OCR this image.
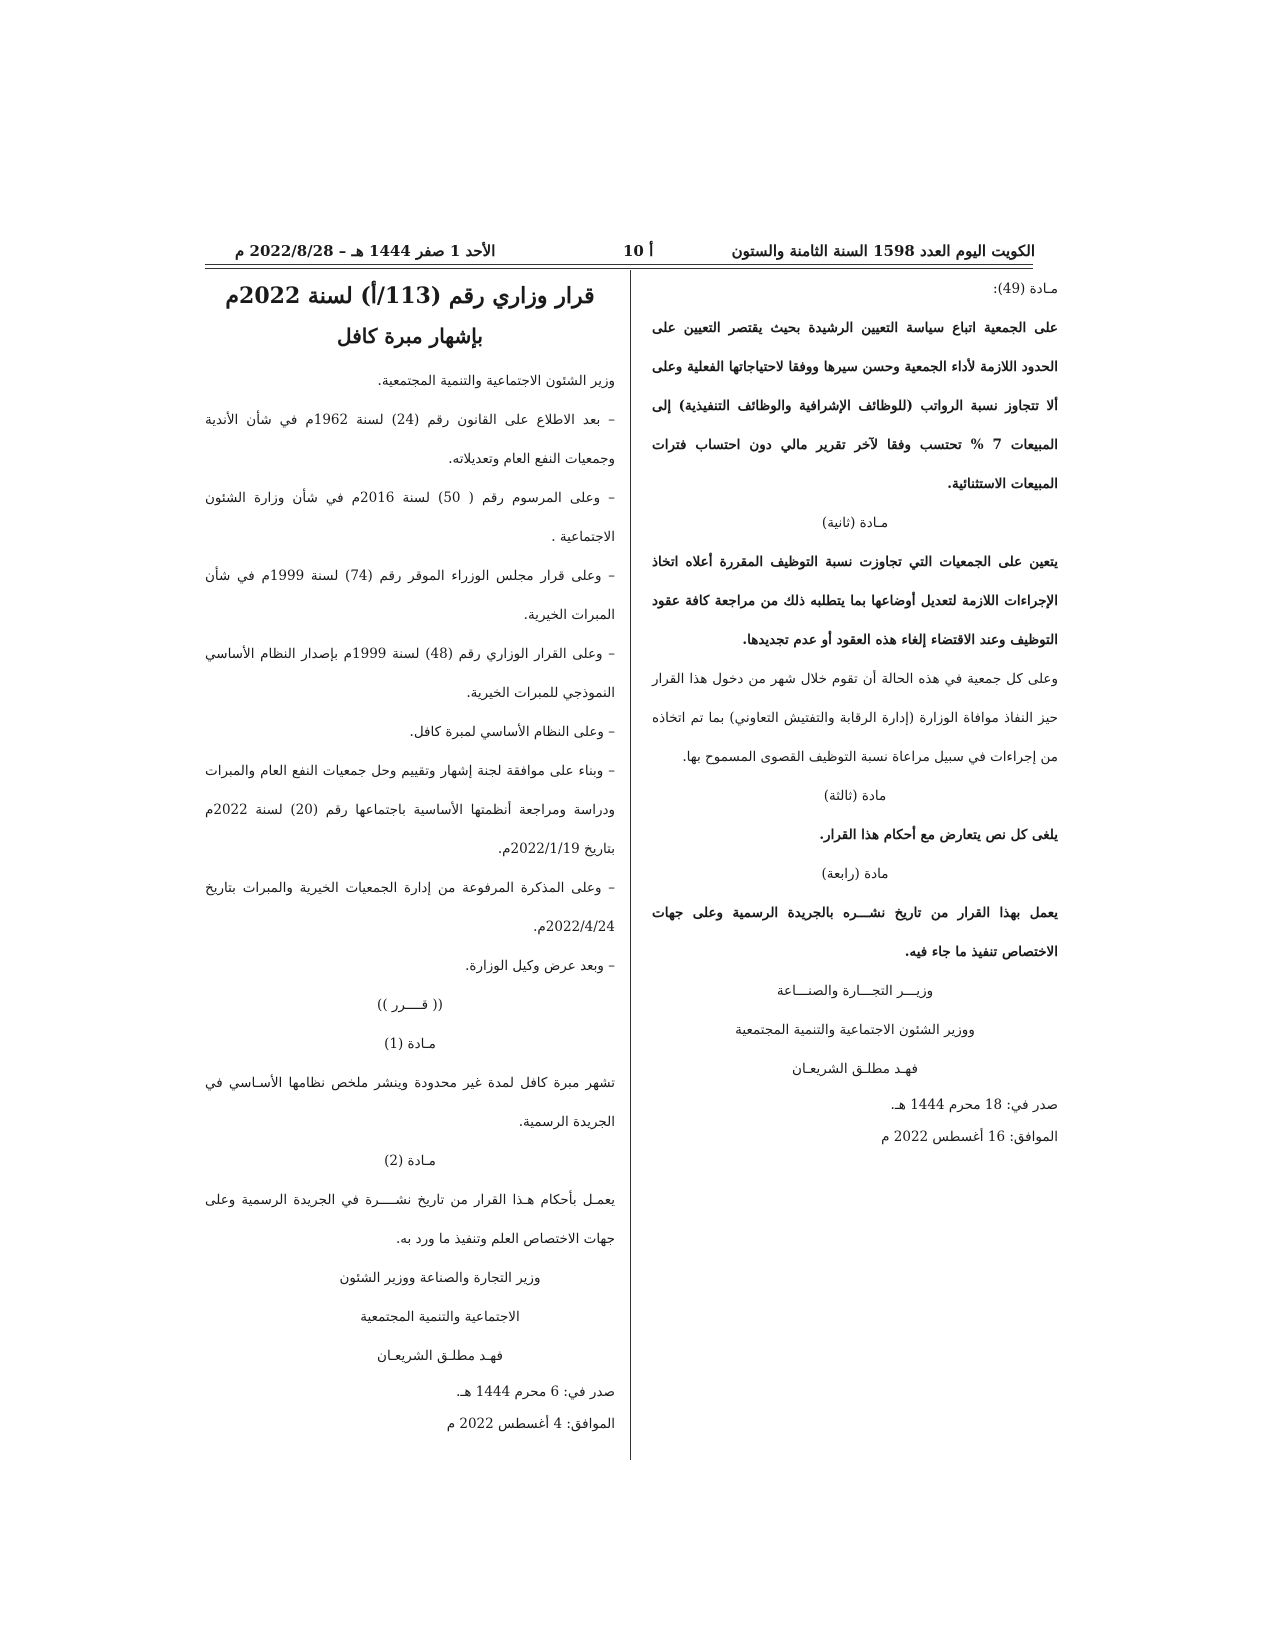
الكويت اليوم العدد 1598 السنة الثامنة والستون
10 أ
الأحد 1 صفر 1444 هـ – 2022/8/28 م

مـادة (49):

على الجمعية اتباع سياسة التعيين الرشيدة بحيث يقتصر التعيين على الحدود اللازمة لأداء الجمعية وحسن سيرها ووفقا لاحتياجاتها الفعلية وعلى ألا تتجاوز نسبة الرواتب (للوظائف الإشرافية والوظائف التنفيذية) إلى المبيعات 7 % تحتسب وفقا لآخر تقرير مالي دون احتساب فترات المبيعات الاستثنائية.

مـادة (ثانية)

يتعين على الجمعيات التي تجاوزت نسبة التوظيف المقررة أعلاه اتخاذ الإجراءات اللازمة لتعديل أوضاعها بما يتطلبه ذلك من مراجعة كافة عقود التوظيف وعند الاقتضاء إلغاء هذه العقود أو عدم تجديدها.

وعلى كل جمعية في هذه الحالة أن تقوم خلال شهر من دخول هذا القرار حيز النفاذ موافاة الوزارة (إدارة الرقابة والتفتيش التعاوني) بما تم اتخاذه من إجراءات في سبيل مراعاة نسبة التوظيف القصوى المسموح بها.

مادة (ثالثة)

يلغى كل نص يتعارض مع أحكام هذا القرار.

مادة (رابعة)

يعمل بهذا القرار من تاريخ نشـــره بالجريدة الرسمية وعلى جهات الاختصاص تنفيذ ما جاء فيه.

وزيـــر التجـــارة والصنـــاعة

ووزير الشئون الاجتماعية والتنمية المجتمعية

فهـد مطلـق الشريعـان

صدر في: 18 محرم 1444 هـ.

الموافق: 16 أغسطس 2022 م

قرار وزاري رقم (113/أ) لسنة 2022م
بإشهار مبرة كافل

وزير الشئون الاجتماعية والتنمية المجتمعية.

– بعد الاطلاع على القانون رقم (24) لسنة 1962م في شأن الأندية وجمعيات النفع العام وتعديلاته.

– وعلى المرسوم رقم ( 50) لسنة 2016م في شأن وزارة الشئون الاجتماعية .

– وعلى قرار مجلس الوزراء الموقر رقم (74) لسنة 1999م في شأن المبرات الخيرية.

– وعلى القرار الوزاري رقم (48) لسنة 1999م بإصدار النظام الأساسي النموذجي للمبرات الخيرية.

– وعلى النظام الأساسي لمبرة كافل.

– وبناء على موافقة لجنة إشهار وتقييم وحل جمعيات النفع العام والمبرات ودراسة ومراجعة أنظمتها الأساسية باجتماعها رقم (20) لسنة 2022م بتاريخ 2022/1/19م.

– وعلى المذكرة المرفوعة من إدارة الجمعيات الخيرية والمبرات بتاريخ 2022/4/24م.

– وبعد عرض وكيل الوزارة.

(( قــــرر ))

مـادة (1)

تشهر مبرة كافل لمدة غير محدودة وينشر ملخص نظامها الأسـاسي في الجريدة الرسمية.

مـادة (2)

يعمـل بأحكام هـذا القرار من تاريخ نشــــرة في الجريدة الرسمية وعلى جهات الاختصاص العلم وتنفيذ ما ورد به.

وزير التجارة والصناعة ووزير الشئون

الاجتماعية والتنمية المجتمعية

فهـد مطلـق الشريعـان

صدر في: 6 محرم 1444 هـ.

الموافق: 4 أغسطس 2022 م
